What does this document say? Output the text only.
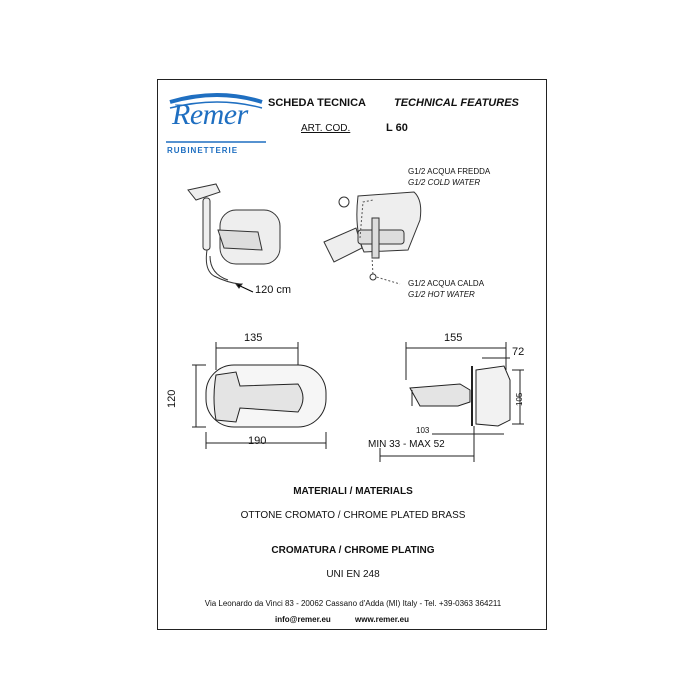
Remer
RUBINETTERIE
SCHEDA TECNICA	TECHNICAL FEATURES
ART. COD.	L 60
G1/2 ACQUA FREDDA
G1/2 COLD WATER
G1/2 ACQUA CALDA
G1/2 HOT WATER
120 cm
135
120
190
155
72
105
103
MIN 33 - MAX 52
MATERIALI / MATERIALS
OTTONE CROMATO / CHROME PLATED BRASS
CROMATURA / CHROME PLATING
UNI EN 248
Via Leonardo da Vinci 83 - 20062 Cassano d'Adda (MI) Italy - Tel. +39-0363 364211
info@remer.eu	www.remer.eu
